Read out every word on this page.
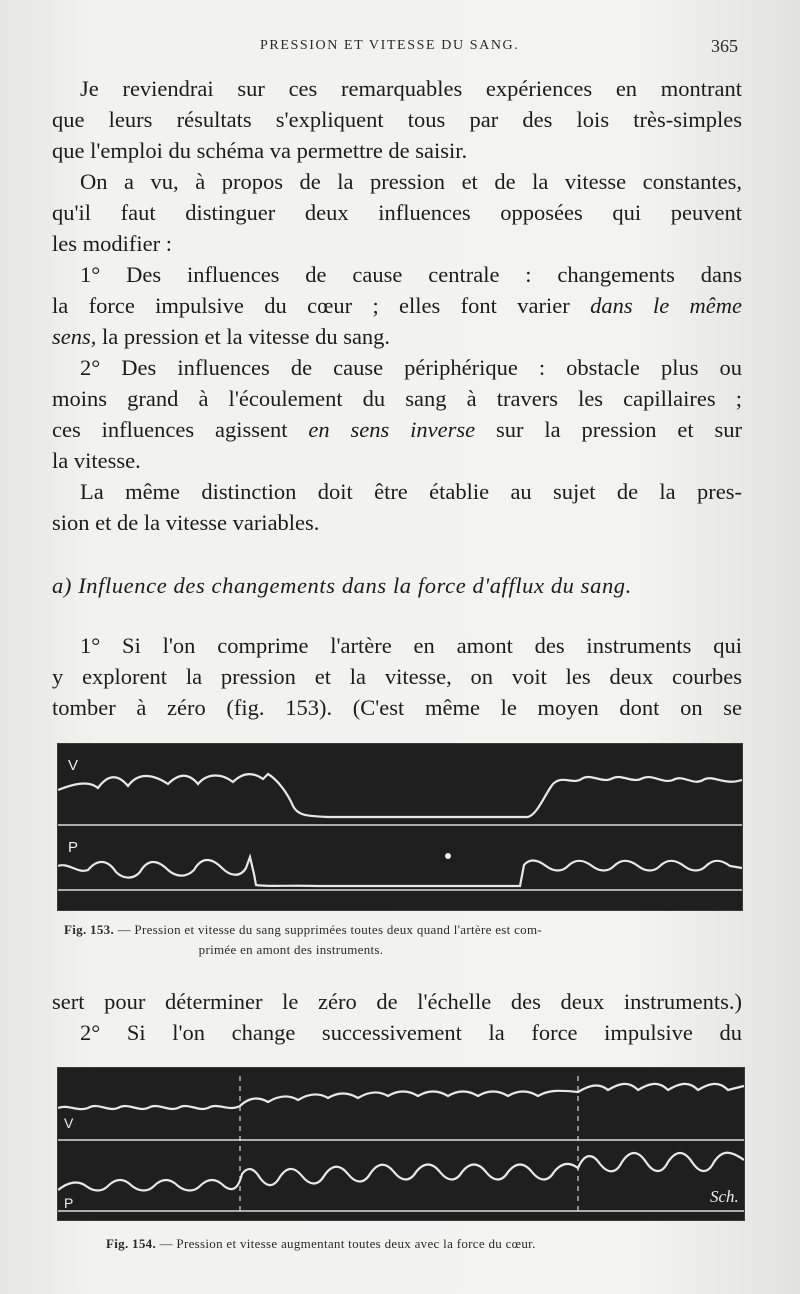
PRESSION ET VITESSE DU SANG.	365

Je reviendrai sur ces remarquables expériences en montrant

que leurs résultats s'expliquent tous par des lois très-simples

que l'emploi du schéma va permettre de saisir.

On a vu, à propos de la pression et de la vitesse constantes,

qu'il faut distinguer deux influences opposées qui peuvent

les modifier :

1° Des influences de cause centrale : changements dans

la force impulsive du cœur ; elles font varier dans le même

sens, la pression et la vitesse du sang.

2° Des influences de cause périphérique : obstacle plus ou

moins grand à l'écoulement du sang à travers les capillaires ;

ces influences agissent en sens inverse sur la pression et sur

la vitesse.

La même distinction doit être établie au sujet de la pres-

sion et de la vitesse variables.

a) Influence des changements dans la force d'afflux du sang.

1° Si l'on comprime l'artère en amont des instruments qui

y explorent la pression et la vitesse, on voit les deux courbes

tomber à zéro (fig. 153). (C'est même le moyen dont on se

V
P
Fig. 153. — Pression et vitesse du sang supprimées toutes deux quand l'artère est com-
primée en amont des instruments.

sert pour déterminer le zéro de l'échelle des deux instruments.)

2° Si l'on change successivement la force impulsive du

V
P	Sch.
Fig. 154. — Pression et vitesse augmentant toutes deux avec la force du cœur.
